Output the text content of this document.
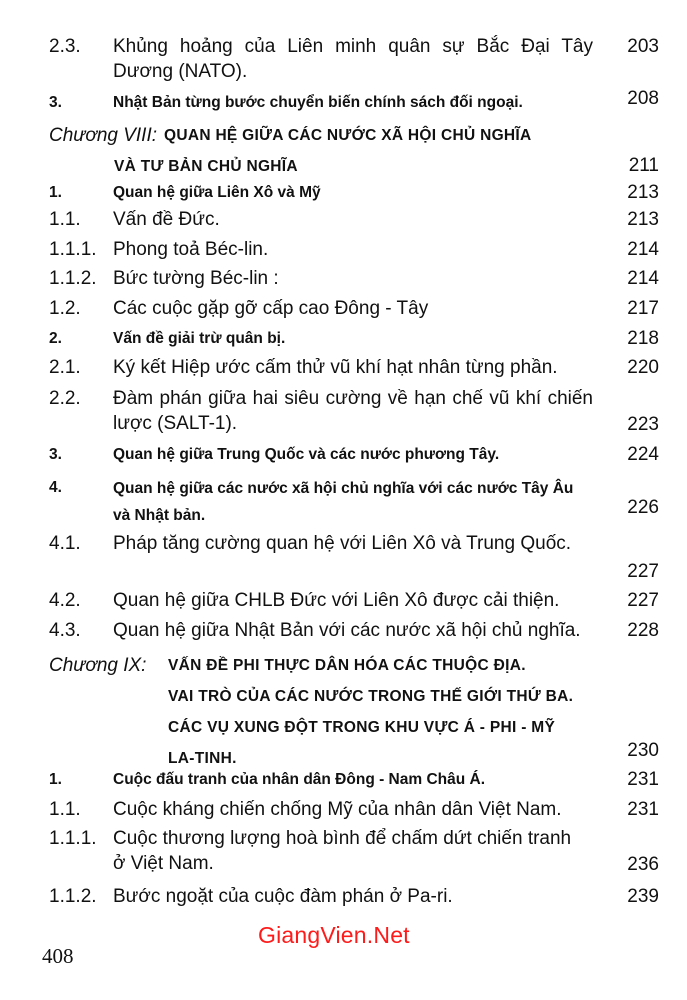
2.3. Khủng hoảng của Liên minh quân sự Bắc Đại Tây Dương (NATO).
203
3.	Nhật Bản từng bước chuyển biến chính sách đối ngoại.	208
Chương VIII: QUAN HỆ GIỮA CÁC NƯỚC XÃ HỘI CHỦ NGHĨA
VÀ TƯ BẢN CHỦ NGHĨA	211
1.	Quan hệ giữa Liên Xô và Mỹ	213
1.1. Vấn đề Đức.	213
1.1.1. Phong toả Béc-lin.	214
1.1.2. Bức tường Béc-lin :	214
1.2. Các cuộc gặp gỡ cấp cao Đông - Tây	217
2.	Vấn đề giải trừ quân bị.	218
2.1. Ký kết Hiệp ước cấm thử vũ khí hạt nhân từng phần.	220
2.2. Đàm phán giữa hai siêu cường về hạn chế vũ khí chiến lược (SALT-1).	223
3.	Quan hệ giữa Trung Quốc và các nước phương Tây.	224
4.	Quan hệ giữa các nước xã hội chủ nghĩa với các nước Tây Âu và Nhật bản.	226
4.1. Pháp tăng cường quan hệ với Liên Xô và Trung Quốc.
227
4.2. Quan hệ giữa CHLB Đức với Liên Xô được cải thiện.	227
4.3. Quan hệ giữa Nhật Bản với các nước xã hội chủ nghĩa.	228
Chương IX: VẤN ĐỀ PHI THỰC DÂN HÓA CÁC THUỘC ĐỊA.
VAI TRÒ CỦA CÁC NƯỚC TRONG THẾ GIỚI THỨ BA.
CÁC VỤ XUNG ĐỘT TRONG KHU VỰC Á - PHI - MỸ
LA-TINH.	230
1.	Cuộc đấu tranh của nhân dân Đông - Nam Châu Á.	231
1.1. Cuộc kháng chiến chống Mỹ của nhân dân Việt Nam.	231
1.1.1. Cuộc thương lượng hoà bình để chấm dứt chiến tranh ở Việt Nam.	236
1.1.2. Bước ngoặt của cuộc đàm phán ở Pa-ri.	239
GiangVien.Net
408
